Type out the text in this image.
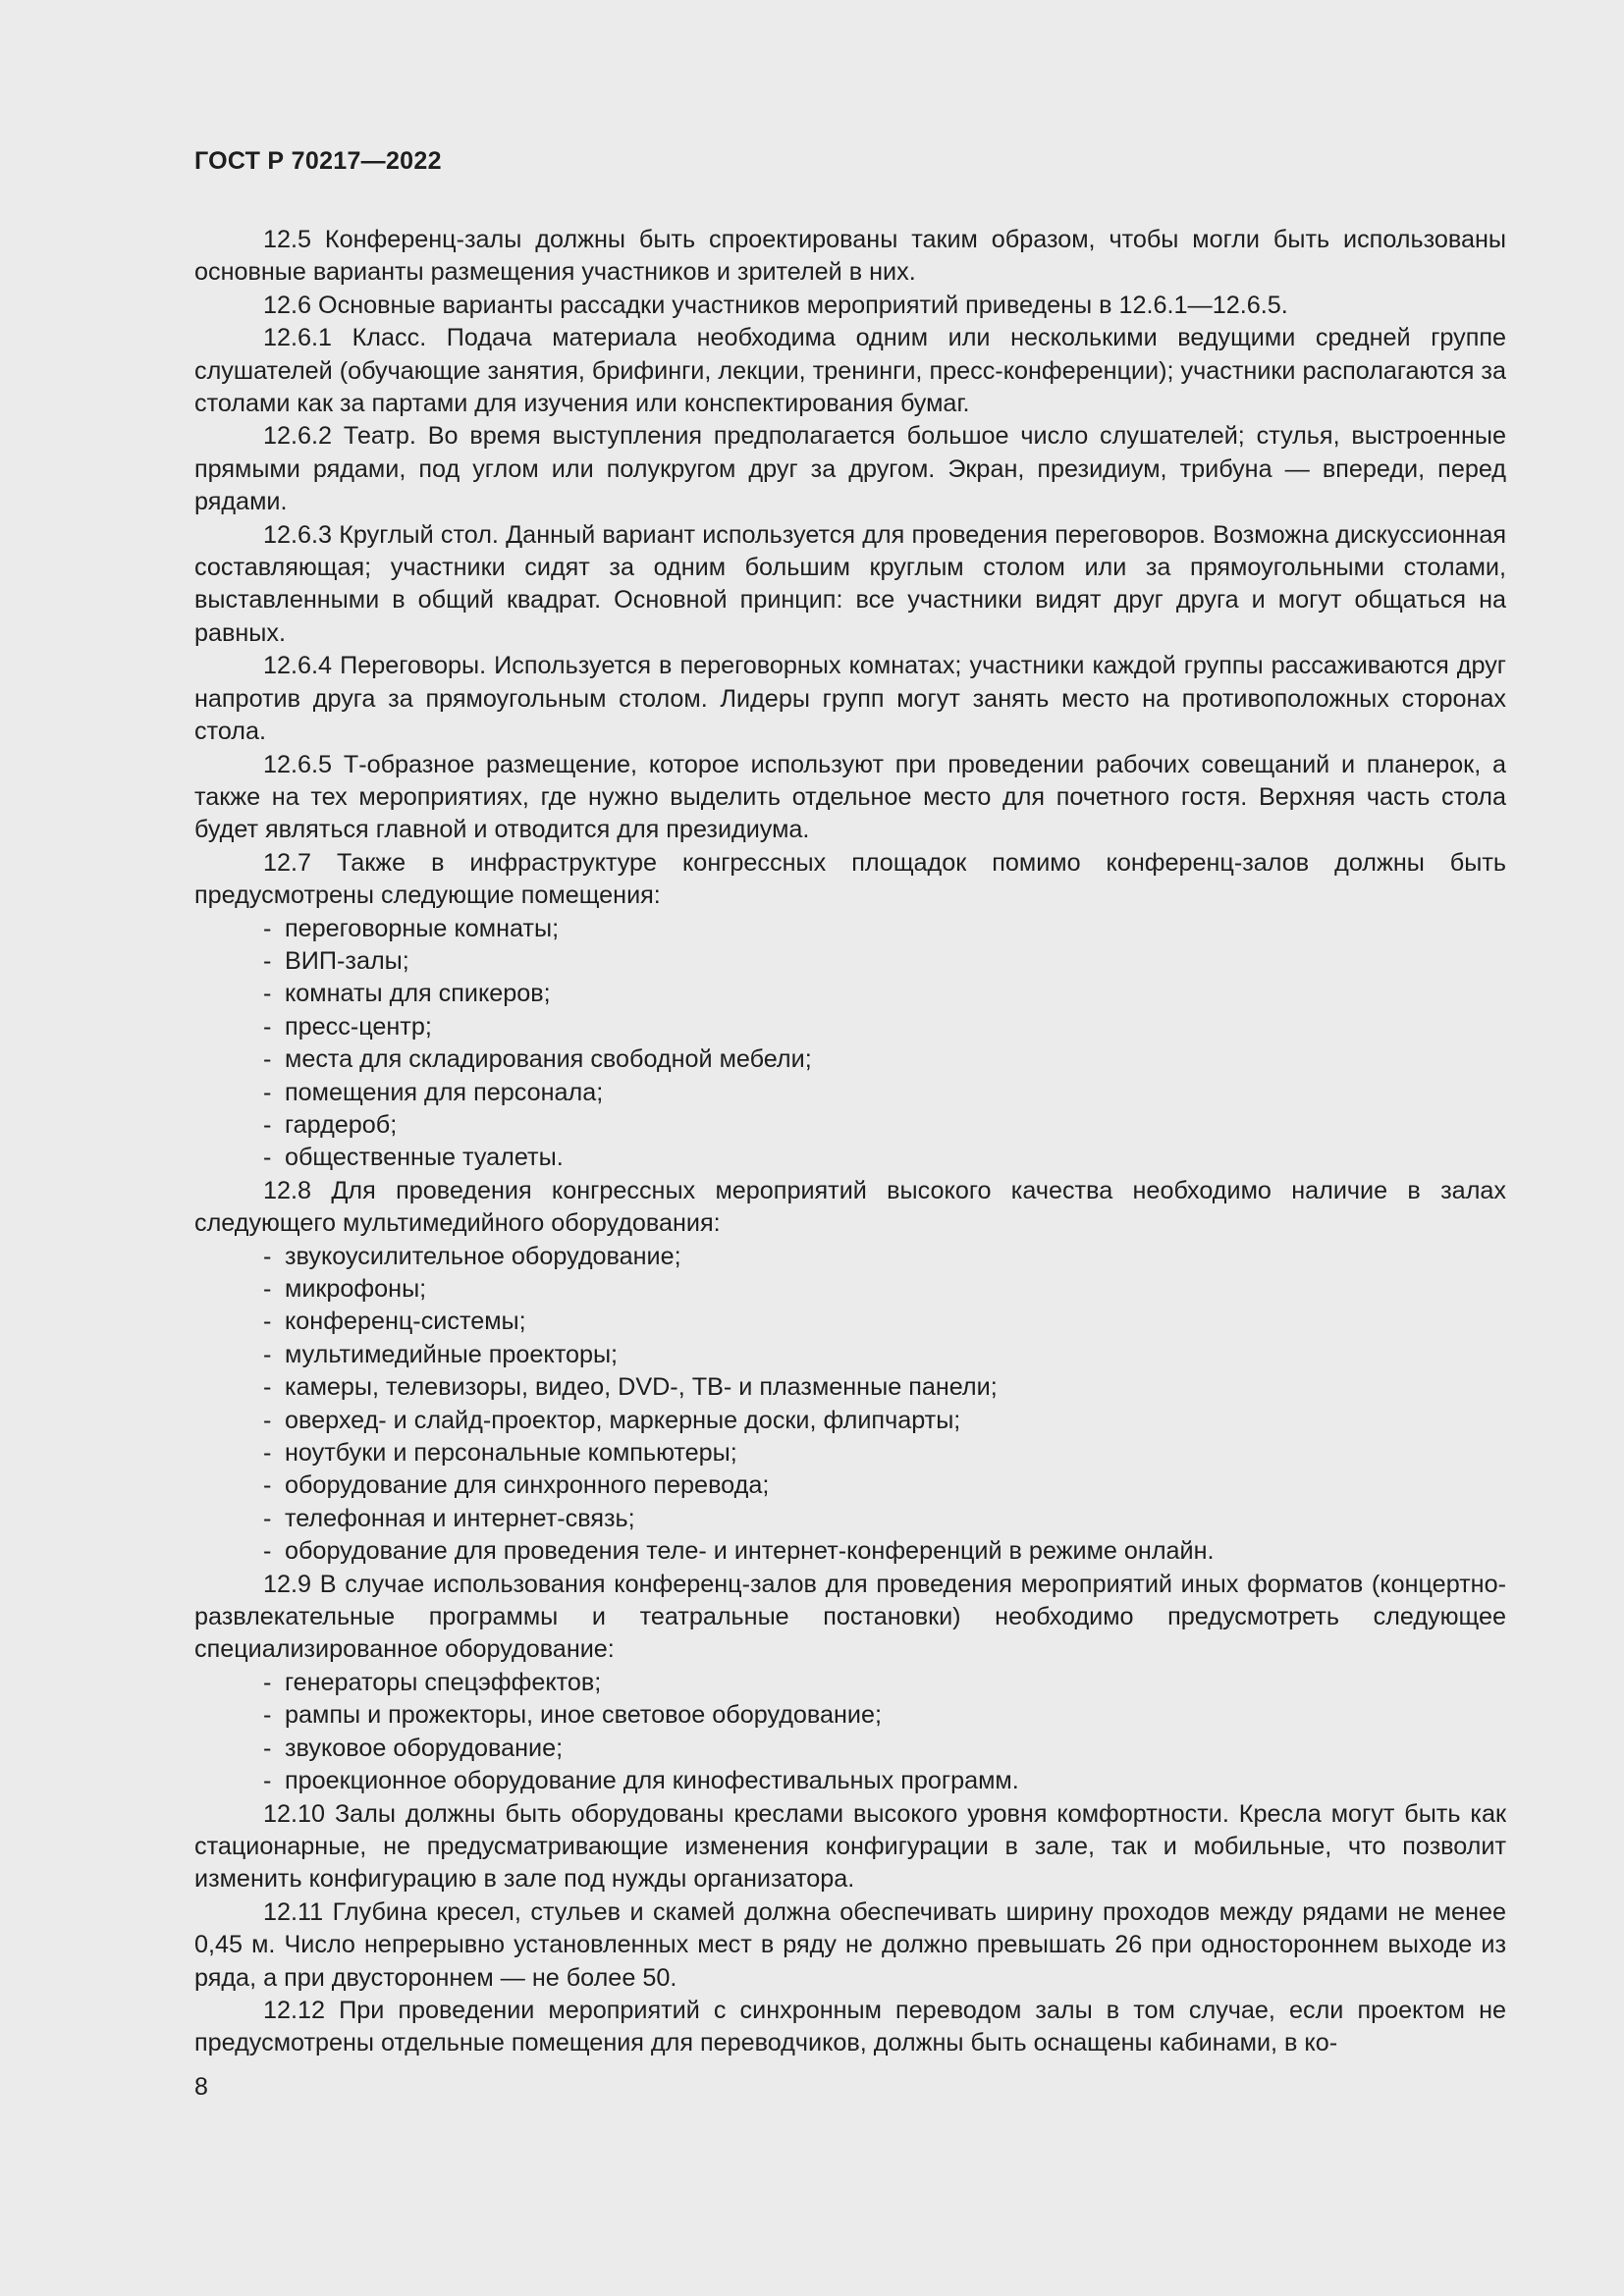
ГОСТ Р 70217—2022

12.5 Конференц-залы должны быть спроектированы таким образом, чтобы могли быть использованы основные варианты размещения участников и зрителей в них.

12.6 Основные варианты рассадки участников мероприятий приведены в 12.6.1—12.6.5.

12.6.1 Класс. Подача материала необходима одним или несколькими ведущими средней группе слушателей (обучающие занятия, брифинги, лекции, тренинги, пресс-конференции); участники располагаются за столами как за партами для изучения или конспектирования бумаг.

12.6.2 Театр. Во время выступления предполагается большое число слушателей; стулья, выстроенные прямыми рядами, под углом или полукругом друг за другом. Экран, президиум, трибуна — впереди, перед рядами.

12.6.3 Круглый стол. Данный вариант используется для проведения переговоров. Возможна дискуссионная составляющая; участники сидят за одним большим круглым столом или за прямоугольными столами, выставленными в общий квадрат. Основной принцип: все участники видят друг друга и могут общаться на равных.

12.6.4 Переговоры. Используется в переговорных комнатах; участники каждой группы рассаживаются друг напротив друга за прямоугольным столом. Лидеры групп могут занять место на противоположных сторонах стола.

12.6.5 Т-образное размещение, которое используют при проведении рабочих совещаний и планерок, а также на тех мероприятиях, где нужно выделить отдельное место для почетного гостя. Верхняя часть стола будет являться главной и отводится для президиума.

12.7 Также в инфраструктуре конгрессных площадок помимо конференц-залов должны быть предусмотрены следующие помещения:

- переговорные комнаты;
- ВИП-залы;
- комнаты для спикеров;
- пресс-центр;
- места для складирования свободной мебели;
- помещения для персонала;
- гардероб;
- общественные туалеты.

12.8 Для проведения конгрессных мероприятий высокого качества необходимо наличие в залах следующего мультимедийного оборудования:

- звукоусилительное оборудование;
- микрофоны;
- конференц-системы;
- мультимедийные проекторы;
- камеры, телевизоры, видео, DVD-, ТВ- и плазменные панели;
- оверхед- и слайд-проектор, маркерные доски, флипчарты;
- ноутбуки и персональные компьютеры;
- оборудование для синхронного перевода;
- телефонная и интернет-связь;
- оборудование для проведения теле- и интернет-конференций в режиме онлайн.

12.9 В случае использования конференц-залов для проведения мероприятий иных форматов (концертно-развлекательные программы и театральные постановки) необходимо предусмотреть следующее специализированное оборудование:

- генераторы спецэффектов;
- рампы и прожекторы, иное световое оборудование;
- звуковое оборудование;
- проекционное оборудование для кинофестивальных программ.

12.10 Залы должны быть оборудованы креслами высокого уровня комфортности. Кресла могут быть как стационарные, не предусматривающие изменения конфигурации в зале, так и мобильные, что позволит изменить конфигурацию в зале под нужды организатора.

12.11 Глубина кресел, стульев и скамей должна обеспечивать ширину проходов между рядами не менее 0,45 м. Число непрерывно установленных мест в ряду не должно превышать 26 при одностороннем выходе из ряда, а при двустороннем — не более 50.

12.12 При проведении мероприятий с синхронным переводом залы в том случае, если проектом не предусмотрены отдельные помещения для переводчиков, должны быть оснащены кабинами, в ко-

8
